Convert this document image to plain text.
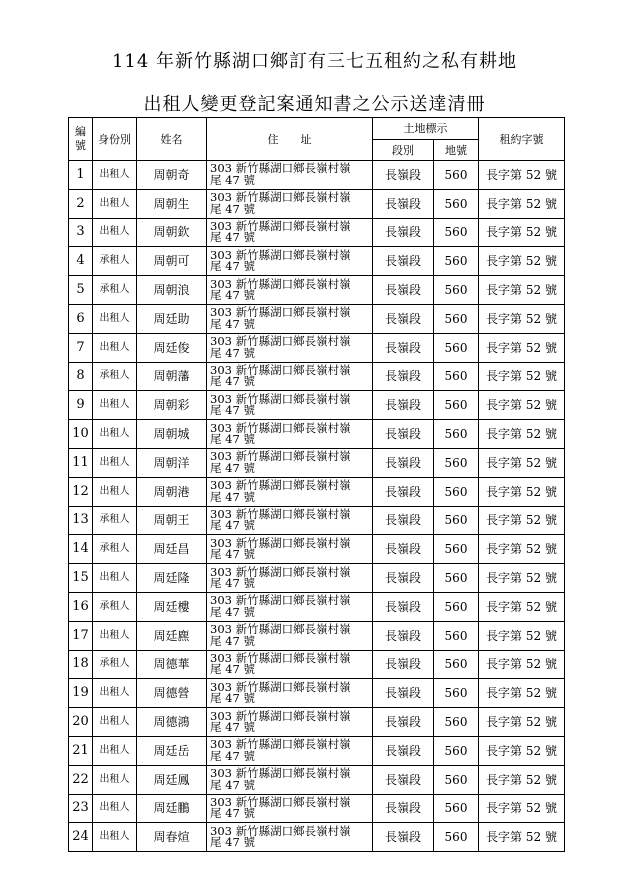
114 年新竹縣湖口鄉訂有三七五租約之私有耕地
出租人變更登記案通知書之公示送達清冊
編
號	身份別	姓名	住　　址	土地標示		租約字號
				段別	地號	
1	出租人	周朝奇	303 新竹縣湖口鄉長嶺村嶺
尾 47 號	長嶺段	560	長字第 52 號
2	出租人	周朝生	303 新竹縣湖口鄉長嶺村嶺
尾 47 號	長嶺段	560	長字第 52 號
3	出租人	周朝欽	303 新竹縣湖口鄉長嶺村嶺
尾 47 號	長嶺段	560	長字第 52 號
4	承租人	周朝可	303 新竹縣湖口鄉長嶺村嶺
尾 47 號	長嶺段	560	長字第 52 號
5	承租人	周朝浪	303 新竹縣湖口鄉長嶺村嶺
尾 47 號	長嶺段	560	長字第 52 號
6	出租人	周廷助	303 新竹縣湖口鄉長嶺村嶺
尾 47 號	長嶺段	560	長字第 52 號
7	出租人	周廷俊	303 新竹縣湖口鄉長嶺村嶺
尾 47 號	長嶺段	560	長字第 52 號
8	承租人	周朝藩	303 新竹縣湖口鄉長嶺村嶺
尾 47 號	長嶺段	560	長字第 52 號
9	出租人	周朝彩	303 新竹縣湖口鄉長嶺村嶺
尾 47 號	長嶺段	560	長字第 52 號
10	出租人	周朝城	303 新竹縣湖口鄉長嶺村嶺
尾 47 號	長嶺段	560	長字第 52 號
11	出租人	周朝洋	303 新竹縣湖口鄉長嶺村嶺
尾 47 號	長嶺段	560	長字第 52 號
12	出租人	周朝港	303 新竹縣湖口鄉長嶺村嶺
尾 47 號	長嶺段	560	長字第 52 號
13	承租人	周朝王	303 新竹縣湖口鄉長嶺村嶺
尾 47 號	長嶺段	560	長字第 52 號
14	承租人	周廷昌	303 新竹縣湖口鄉長嶺村嶺
尾 47 號	長嶺段	560	長字第 52 號
15	出租人	周廷隆	303 新竹縣湖口鄉長嶺村嶺
尾 47 號	長嶺段	560	長字第 52 號
16	承租人	周廷樓	303 新竹縣湖口鄉長嶺村嶺
尾 47 號	長嶺段	560	長字第 52 號
17	出租人	周廷麃	303 新竹縣湖口鄉長嶺村嶺
尾 47 號	長嶺段	560	長字第 52 號
18	承租人	周德華	303 新竹縣湖口鄉長嶺村嶺
尾 47 號	長嶺段	560	長字第 52 號
19	出租人	周德營	303 新竹縣湖口鄉長嶺村嶺
尾 47 號	長嶺段	560	長字第 52 號
20	出租人	周德鴻	303 新竹縣湖口鄉長嶺村嶺
尾 47 號	長嶺段	560	長字第 52 號
21	出租人	周廷岳	303 新竹縣湖口鄉長嶺村嶺
尾 47 號	長嶺段	560	長字第 52 號
22	出租人	周廷鳳	303 新竹縣湖口鄉長嶺村嶺
尾 47 號	長嶺段	560	長字第 52 號
23	出租人	周廷鵬	303 新竹縣湖口鄉長嶺村嶺
尾 47 號	長嶺段	560	長字第 52 號
24	出租人	周春煊	303 新竹縣湖口鄉長嶺村嶺
尾 47 號	長嶺段	560	長字第 52 號
